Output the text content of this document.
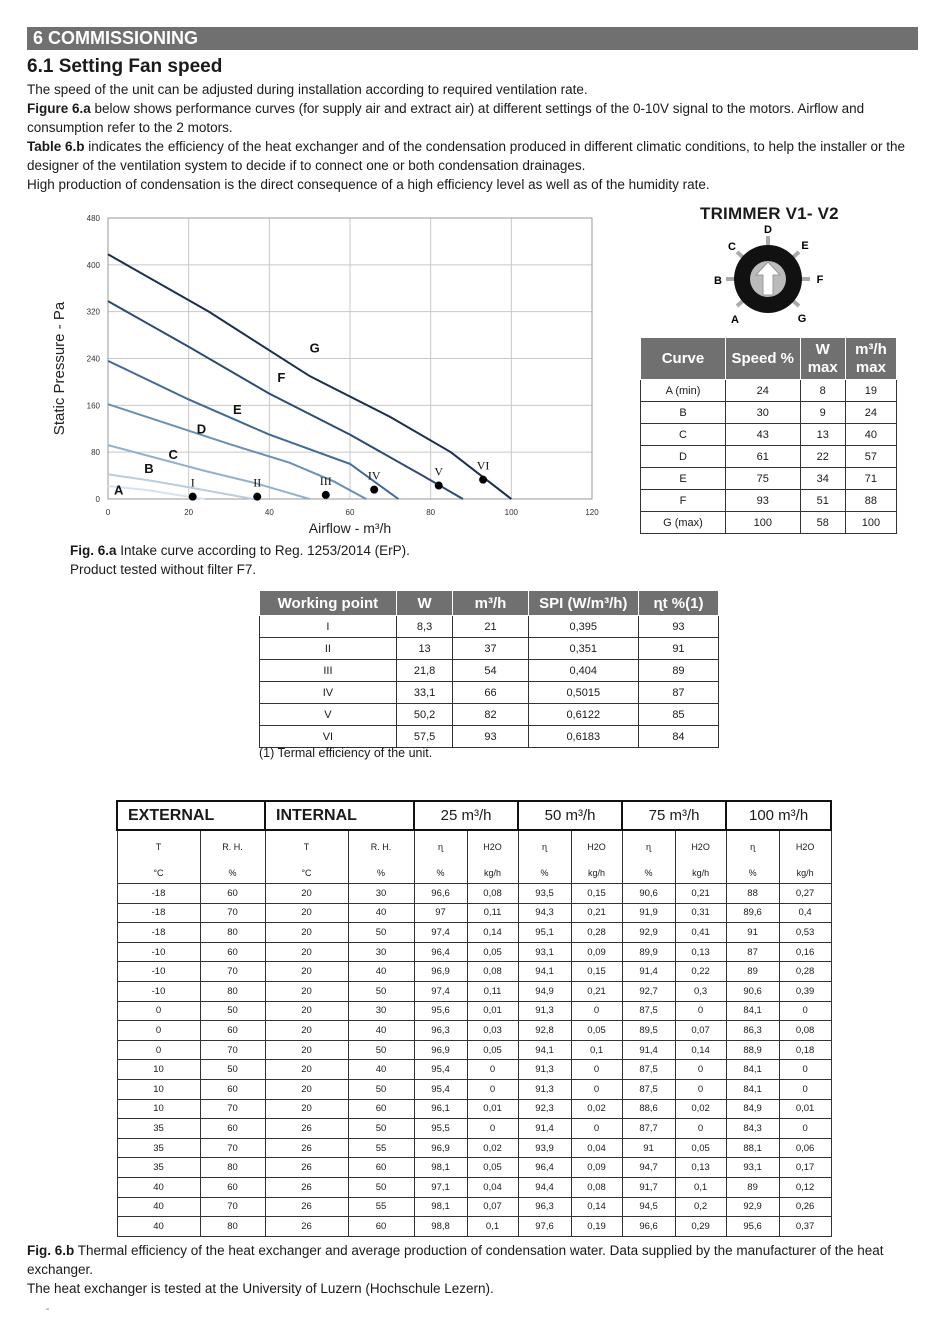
6 COMMISSIONING
6.1 Setting Fan speed

The speed of the unit can be adjusted during installation according to required ventilation rate.

Figure 6.a below shows performance curves (for supply air and extract air) at different settings of the 0-10V signal to the motors. Airflow and consumption refer to the 2 motors.

Table 6.b indicates the efficiency of the heat exchanger and of the condensation produced in different climatic conditions, to help the installer or the designer of the ventilation system to decide if to connect one or both condensation drainages.

High production of condensation is the direct consequence of a high efficiency level as well as of the humidity rate.

0	20	40	60	80	100	120
0
80
160
240
320
400
480
A
B
C
D
E
F
G
I	II	III	IV	V	VI
Airflow - m³/h
Static Pressure - Pa
Fig. 6.a Intake curve according to Reg. 1253/2014 (ErP).
Product tested without filter F7.
TRIMMER V1- V2
D
E
F
G
A
B
C
Curve	Speed %	W max	m³/h max
A (min)	24	8	19
B	30	9	24
C	43	13	40
D	61	22	57
E	75	34	71
F	93	51	88
G (max)	100	58	100
Working point	W	m³/h	SPI (W/m³/h)	ɳt %(1)
I	8,3	21	0,395	93
II	13	37	0,351	91
III	21,8	54	0,404	89
IV	33,1	66	0,5015	87
V	50,2	82	0,6122	85
VI	57,5	93	0,6183	84
(1) Termal efficiency of the unit.
EXTERNAL		INTERNAL		25 m³/h		50 m³/h		75 m³/h		100 m³/h	
T	R. H.	T	R. H.	ɳ	H2O	ɳ	H2O	ɳ	H2O	ɳ	H2O
°C	%	°C	%	%	kg/h	%	kg/h	%	kg/h	%	kg/h
-18	60	20	30	96,6	0,08	93,5	0,15	90,6	0,21	88	0,27
-18	70	20	40	97	0,11	94,3	0,21	91,9	0,31	89,6	0,4
-18	80	20	50	97,4	0,14	95,1	0,28	92,9	0,41	91	0,53
-10	60	20	30	96,4	0,05	93,1	0,09	89,9	0,13	87	0,16
-10	70	20	40	96,9	0,08	94,1	0,15	91,4	0,22	89	0,28
-10	80	20	50	97,4	0,11	94,9	0,21	92,7	0,3	90,6	0,39
0	50	20	30	95,6	0,01	91,3	0	87,5	0	84,1	0
0	60	20	40	96,3	0,03	92,8	0,05	89,5	0,07	86,3	0,08
0	70	20	50	96,9	0,05	94,1	0,1	91,4	0,14	88,9	0,18
10	50	20	40	95,4	0	91,3	0	87,5	0	84,1	0
10	60	20	50	95,4	0	91,3	0	87,5	0	84,1	0
10	70	20	60	96,1	0,01	92,3	0,02	88,6	0,02	84,9	0,01
35	60	26	50	95,5	0	91,4	0	87,7	0	84,3	0
35	70	26	55	96,9	0,02	93,9	0,04	91	0,05	88,1	0,06
35	80	26	60	98,1	0,05	96,4	0,09	94,7	0,13	93,1	0,17
40	60	26	50	97,1	0,04	94,4	0,08	91,7	0,1	89	0,12
40	70	26	55	98,1	0,07	96,3	0,14	94,5	0,2	92,9	0,26
40	80	26	60	98,8	0,1	97,6	0,19	96,6	0,29	95,6	0,37
Fig. 6.b Thermal efficiency of the heat exchanger and average production of condensation water. Data supplied by the manufacturer of the heat exchanger.
The heat exchanger is tested at the University of Luzern (Hochschule Lezern).
-
